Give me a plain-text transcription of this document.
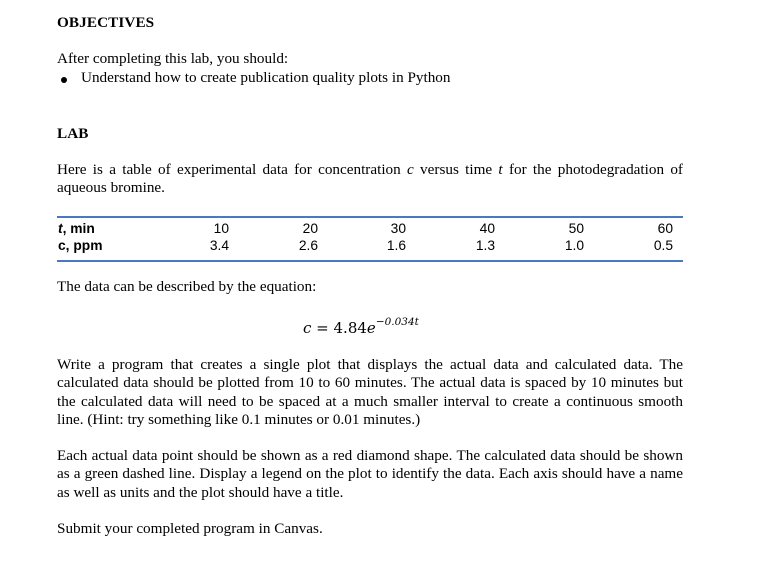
OBJECTIVES
After completing this lab, you should:
Understand how to create publication quality plots in Python
LAB
Here is a table of experimental data for concentration c versus time t for the photodegradation of aqueous bromine.
t, min	10	20	30	40	50	60
c, ppm	3.4	2.6	1.6	1.3	1.0	0.5
The data can be described by the equation:
$c = 4.84e^{-0.034t}$
Write a program that creates a single plot that displays the actual data and calculated data. The calculated data should be plotted from 10 to 60 minutes. The actual data is spaced by 10 minutes but the calculated data will need to be spaced at a much smaller interval to create a continuous smooth line. (Hint: try something like 0.1 minutes or 0.01 minutes.)
Each actual data point should be shown as a red diamond shape. The calculated data should be shown as a green dashed line. Display a legend on the plot to identify the data. Each axis should have a name as well as units and the plot should have a title.
Submit your completed program in Canvas.
